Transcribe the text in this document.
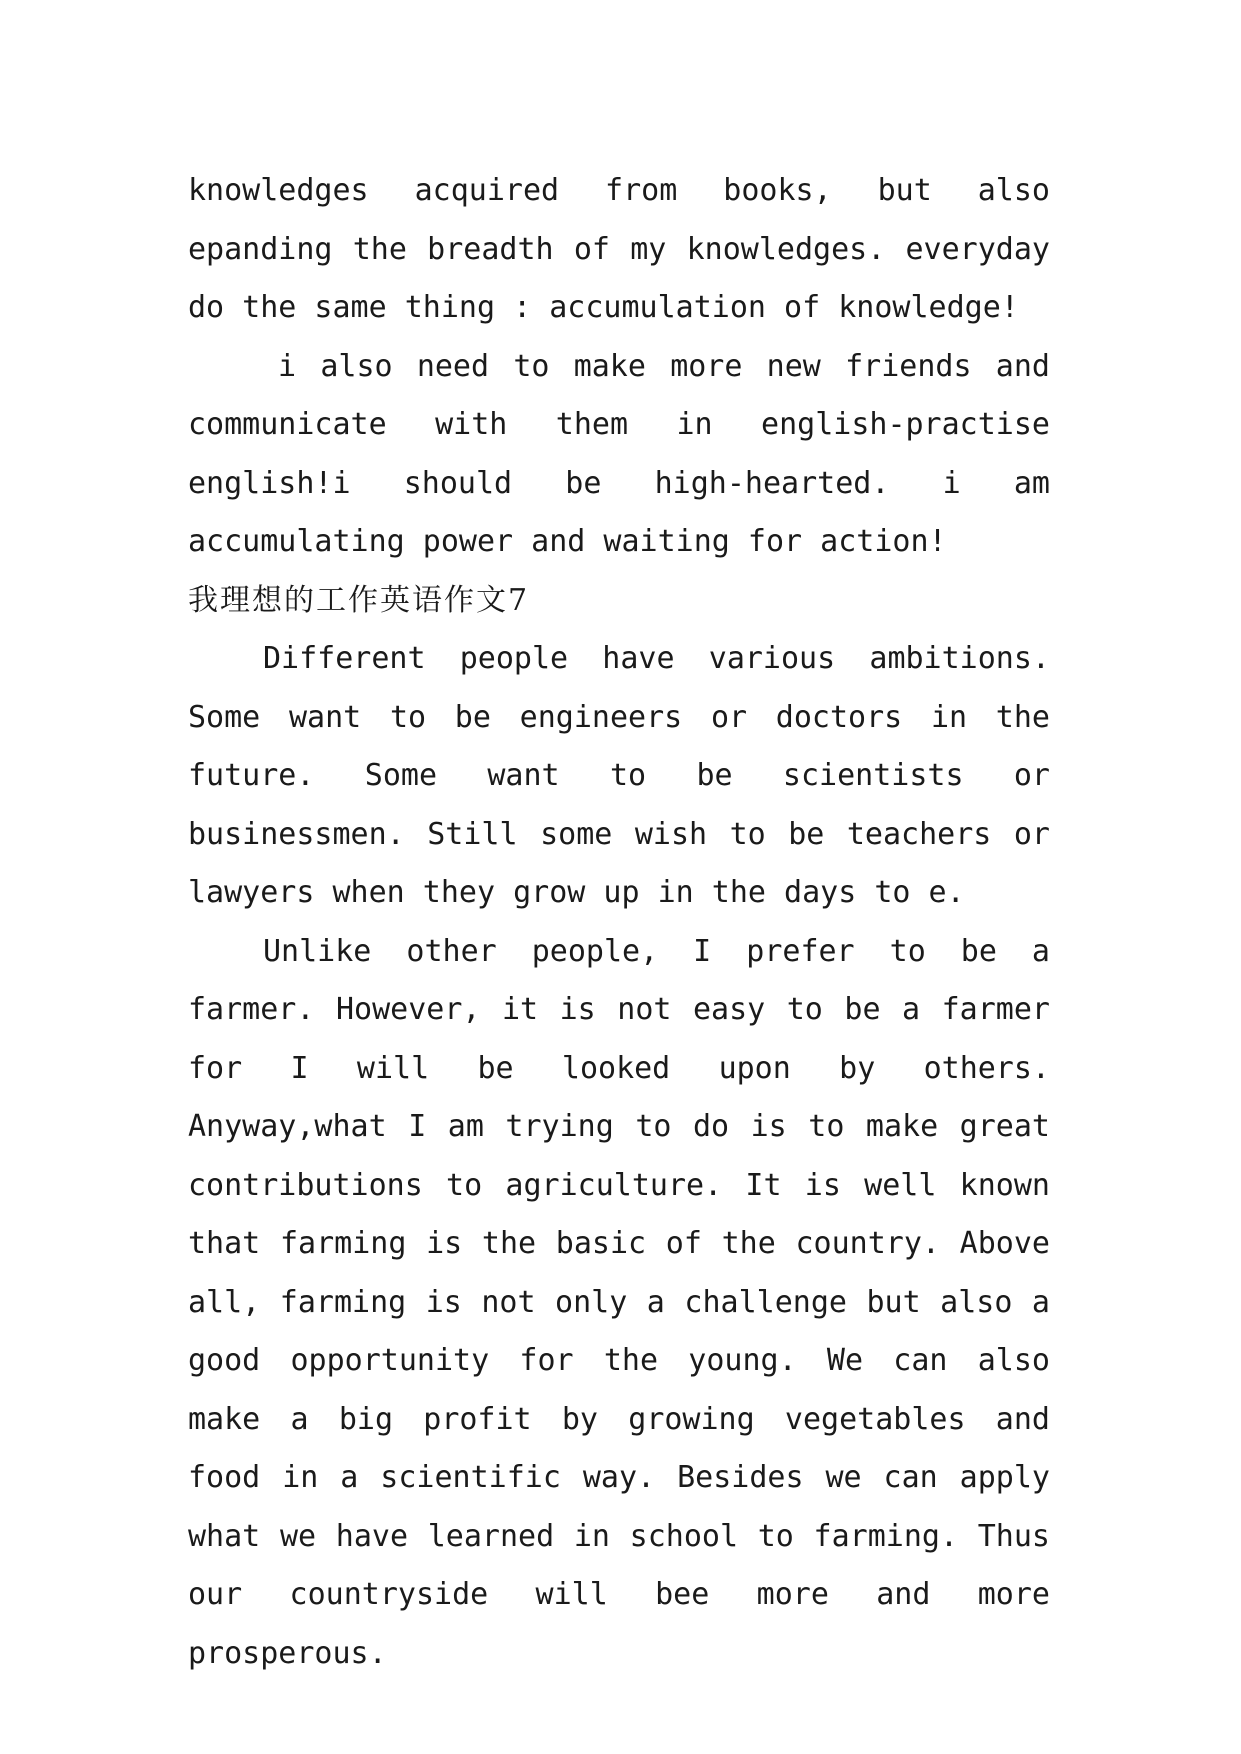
knowledges acquired from books, but also epanding the breadth of my knowledges. everyday do the same thing : accumulation of knowledge!

i also need to make more new friends and communicate with them in english-practise english!i should be high-hearted. i am accumulating power and waiting for action!

我理想的工作英语作文7

Different people have various ambitions. Some want to be engineers or doctors in the future. Some want to be scientists or businessmen. Still some wish to be teachers or lawyers when they grow up in the days to e.

Unlike other people, I prefer to be a farmer. However, it is not easy to be a farmer for I will be looked upon by others. Anyway,what I am trying to do is to make great contributions to agriculture. It is well known that farming is the basic of the country. Above all, farming is not only a challenge but also a good opportunity for the young. We can also make a big profit by growing vegetables and food in a scientific way. Besides we can apply what we have learned in school to farming. Thus our countryside will bee more and more prosperous.
